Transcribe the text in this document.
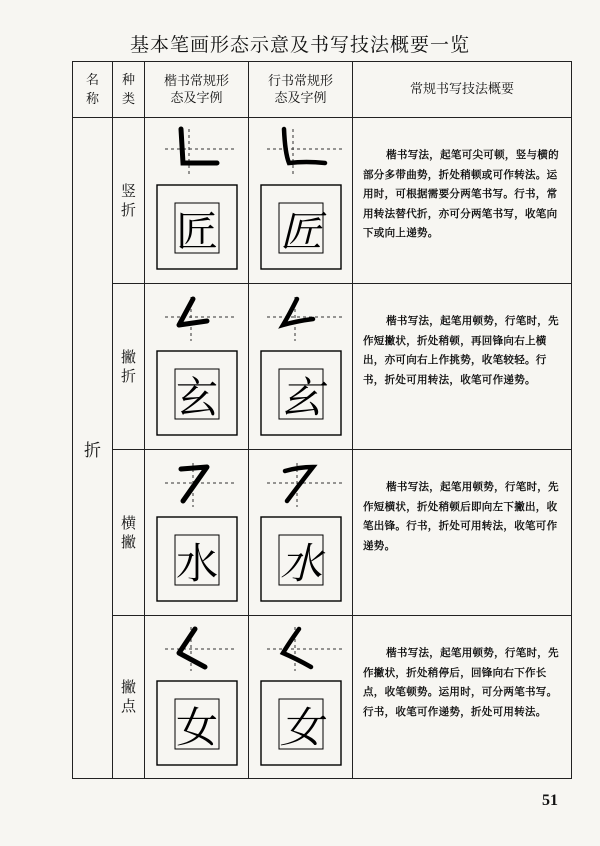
基本笔画形态示意及书写技法概要一览
名称	种类	楷书常规形态及字例	行书常规形态及字例	常规书写技法概要
折	竖折	匠	匠	楷书写法，起笔可尖可顿，竖与横的部分多带曲势，折处稍顿或可作转法。运用时，可根据需要分两笔书写。行书，常用转法替代折，亦可分两笔书写，收笔向下或向上递势。

	撇折	玄	玄	楷书写法，起笔用顿势，行笔时，先作短撇状，折处稍顿，再回锋向右上横出，亦可向右上作挑势，收笔较轻。行书，折处可用转法，收笔可作递势。

	横撇	水	水	楷书写法，起笔用顿势，行笔时，先作短横状，折处稍顿后即向左下撇出，收笔出锋。行书，折处可用转法，收笔可作递势。

	撇点	女	女	楷书写法，起笔用顿势，行笔时，先作撇状，折处稍停后，回锋向右下作长点，收笔顿势。运用时，可分两笔书写。行书，收笔可作递势，折处可用转法。
51
